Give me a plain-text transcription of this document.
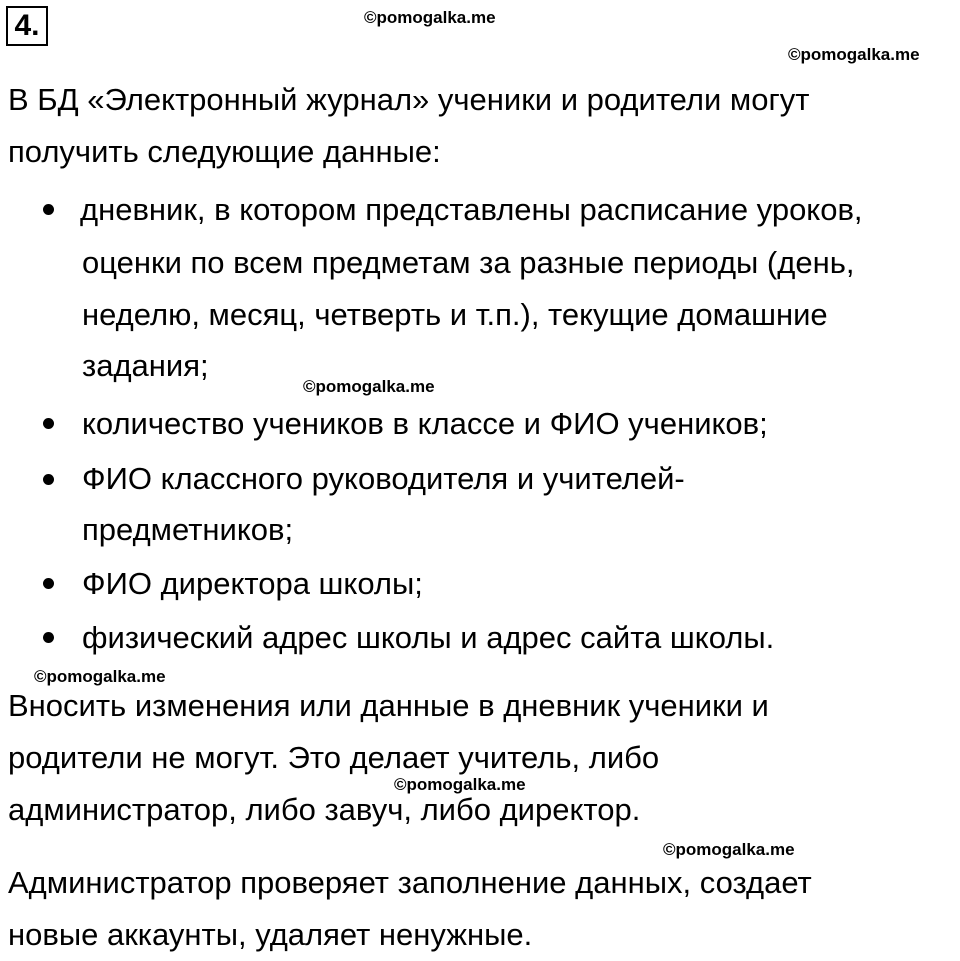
4.	©pomogalka.me
©pomogalka.me
В БД «Электронный журнал» ученики и родители могут
получить следующие данные:
дневник, в котором представлены расписание уроков,
оценки по всем предметам за разные периоды (день,
неделю, месяц, четверть и т.п.), текущие домашние
задания;
©pomogalka.me
количество учеников в классе и ФИО учеников;
ФИО классного руководителя и учителей-
предметников;
ФИО директора школы;
физический адрес школы и адрес сайта школы.
©pomogalka.me
Вносить изменения или данные в дневник ученики и
родители не могут. Это делает учитель, либо
©pomogalka.me
администратор, либо завуч, либо директор.
©pomogalka.me
Администратор проверяет заполнение данных, создает
новые аккаунты, удаляет ненужные.
